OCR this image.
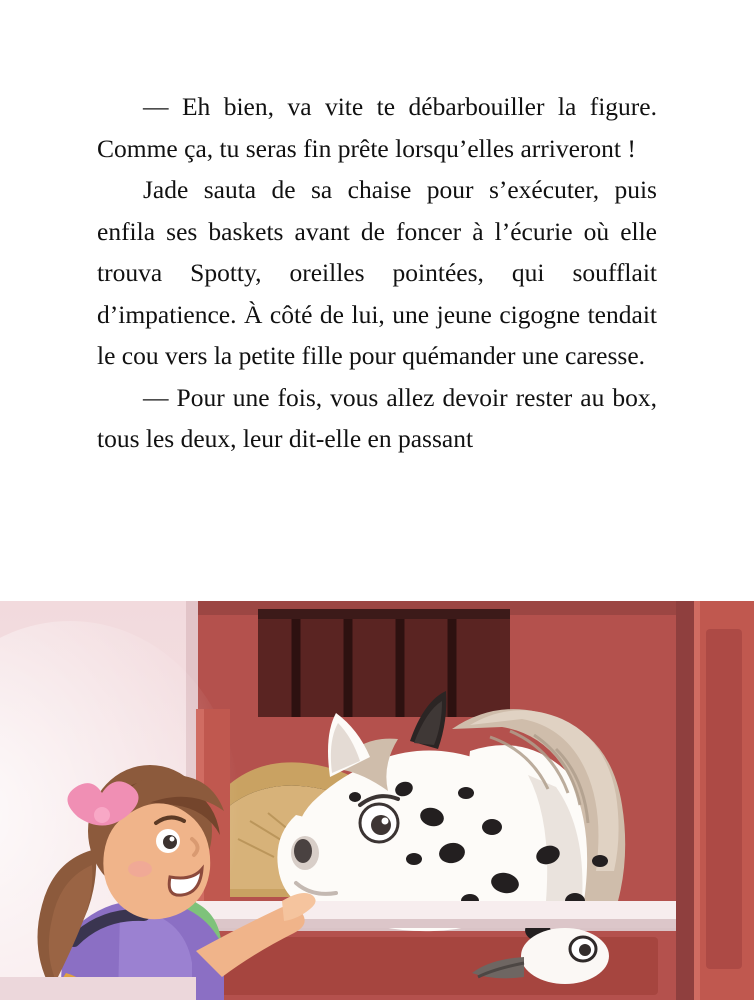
— Eh bien, va vite te débarbouiller la figure. Comme ça, tu seras fin prête lorsqu’elles arriveront !

Jade sauta de sa chaise pour s’exécuter, puis enfila ses baskets avant de foncer à l’écurie où elle trouva Spotty, oreilles pointées, qui soufflait d’impatience. À côté de lui, une jeune cigogne tendait le cou vers la petite fille pour quémander une caresse.

— Pour une fois, vous allez devoir rester au box, tous les deux, leur dit-elle en passant
